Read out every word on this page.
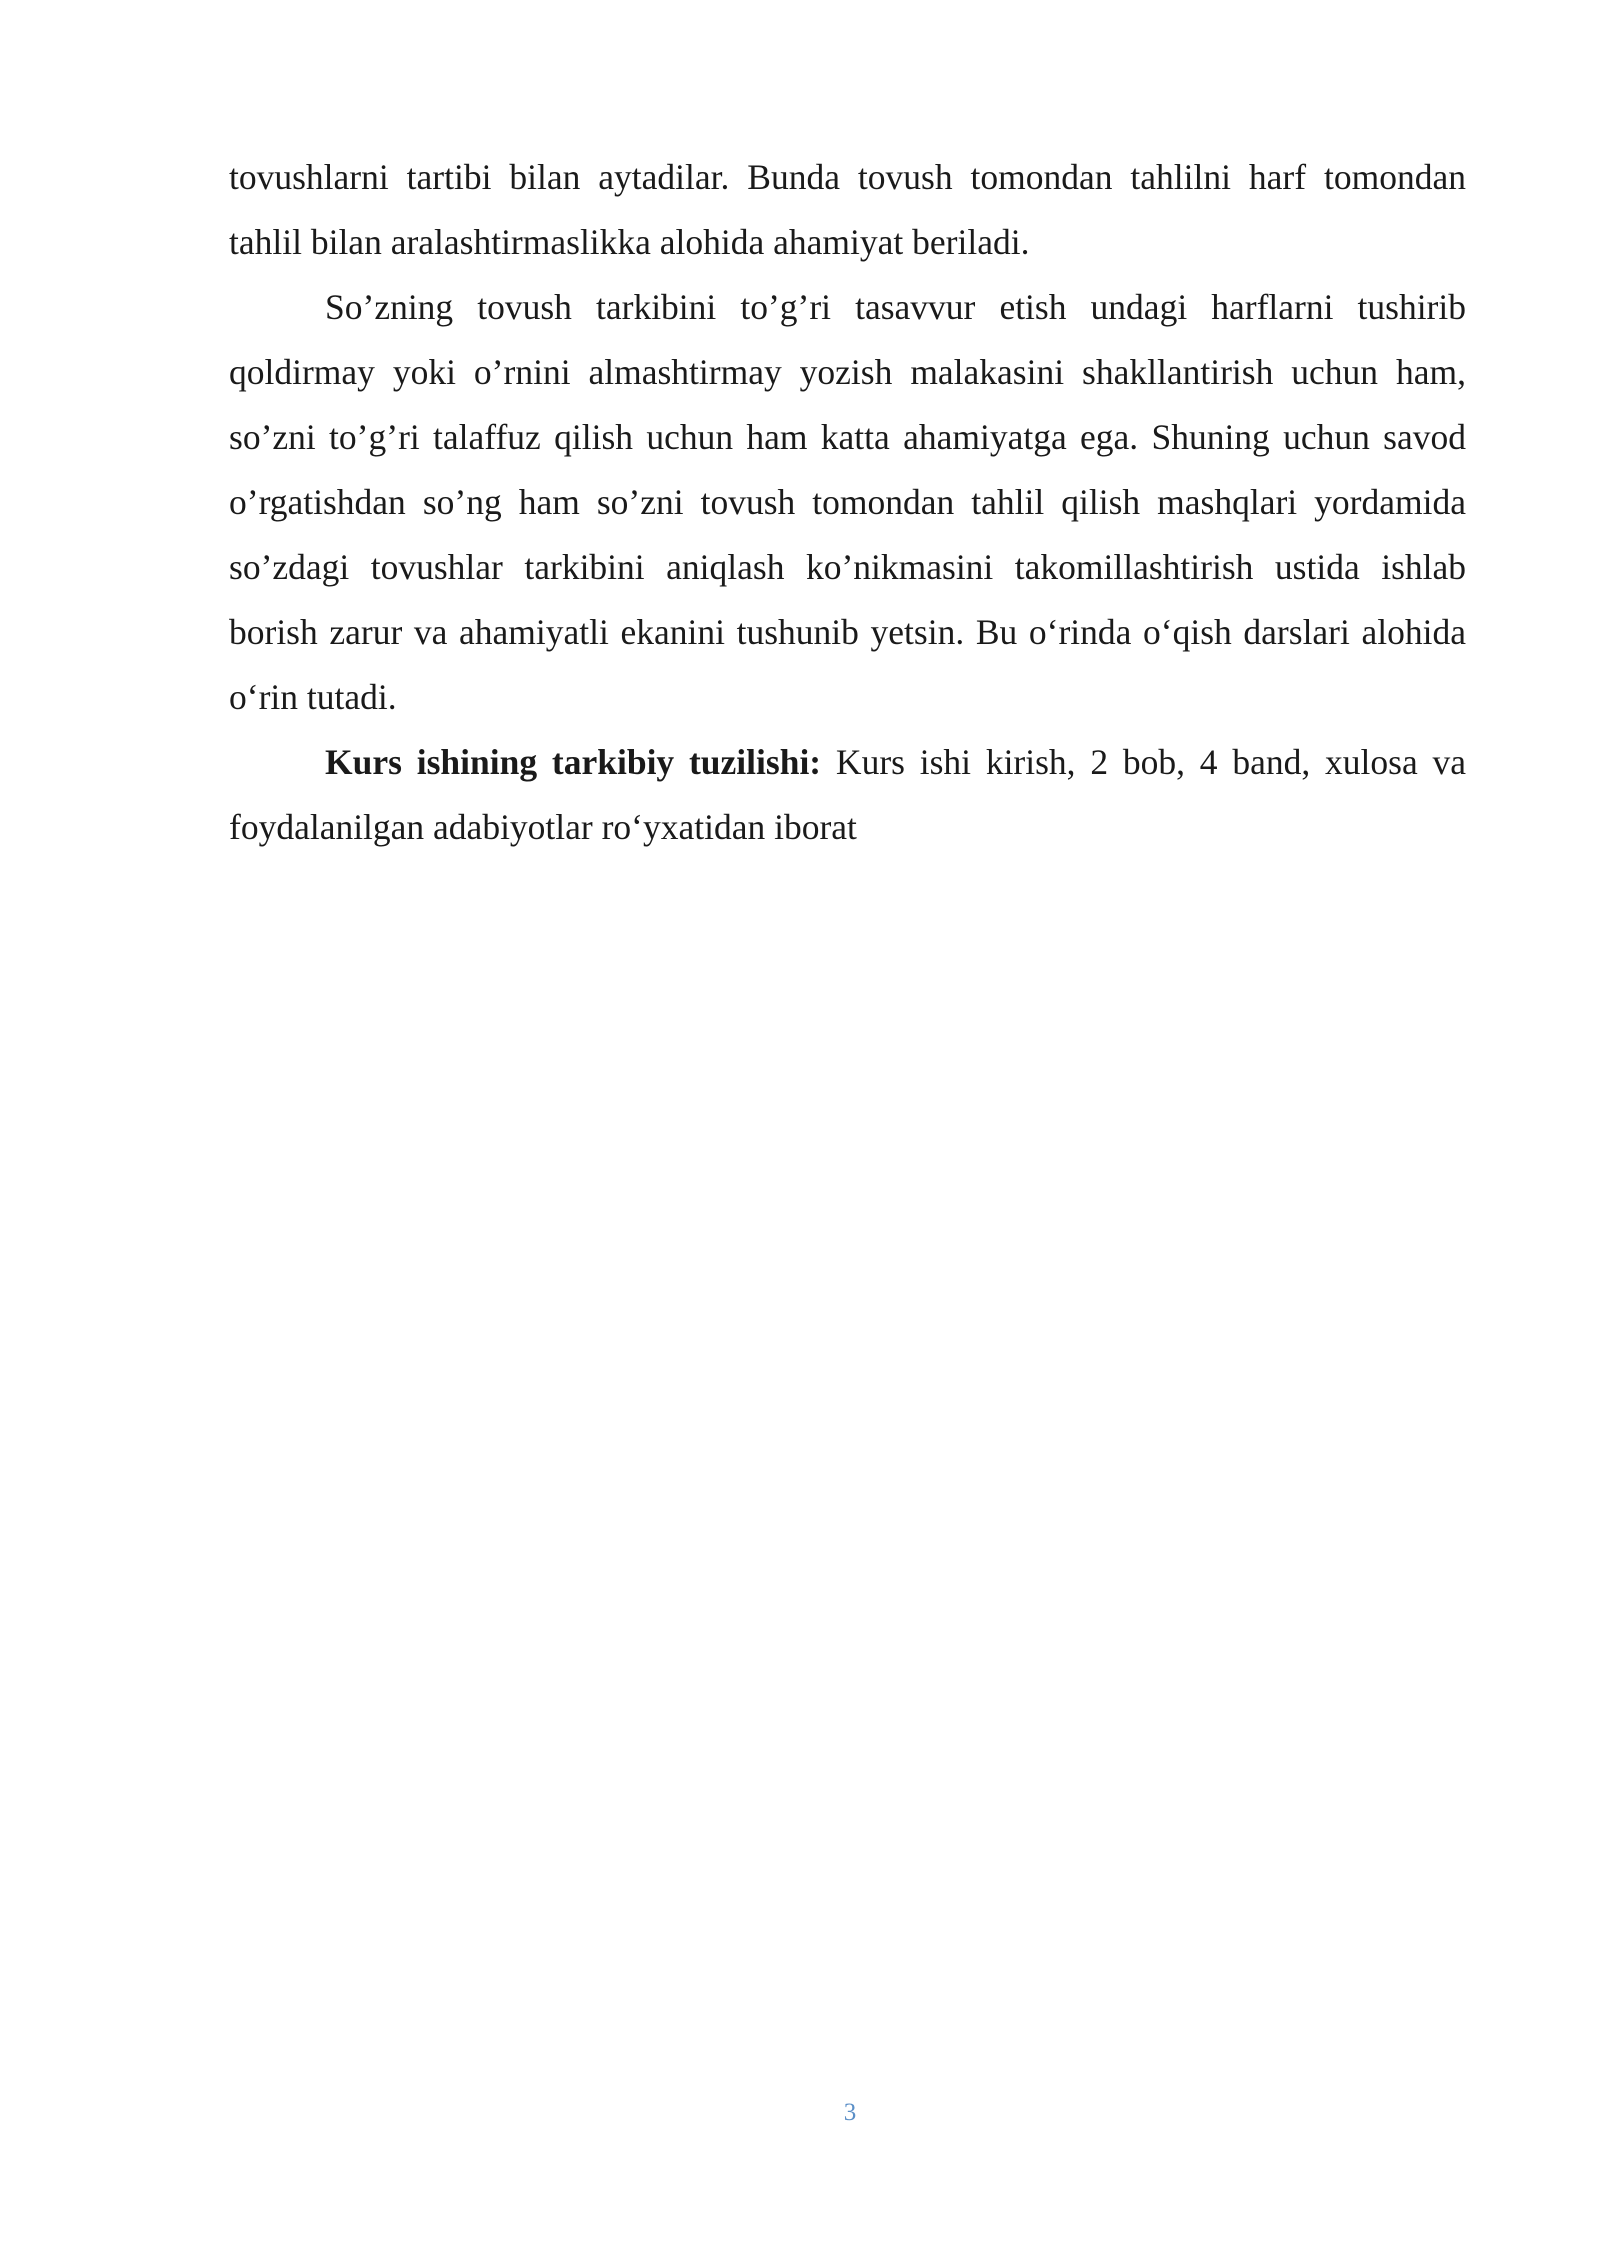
tovushlarni tartibi bilan aytadilar. Bunda tovush tomondan tahlilni harf tomondan tahlil bilan aralashtirmaslikka alohida ahamiyat beriladi.

So’zning tovush tarkibini to’g’ri tasavvur etish undagi harflarni tushirib qoldirmay yoki o’rnini almashtirmay yozish malakasini shakllantirish uchun ham, so’zni to’g’ri talaffuz qilish uchun ham katta ahamiyatga ega. Shuning uchun savod o’rgatishdan so’ng ham so’zni tovush tomondan tahlil qilish mashqlari yordamida so’zdagi tovushlar tarkibini aniqlash ko’nikmasini takomillashtirish ustida ishlab borish zarur va ahamiyatli ekanini tushunib yetsin. Bu o‘rinda o‘qish darslari alohida o‘rin tutadi.

Kurs ishining tarkibiy tuzilishi: Kurs ishi kirish, 2 bob, 4 band, xulosa va foydalanilgan adabiyotlar ro‘yxatidan iborat

3
